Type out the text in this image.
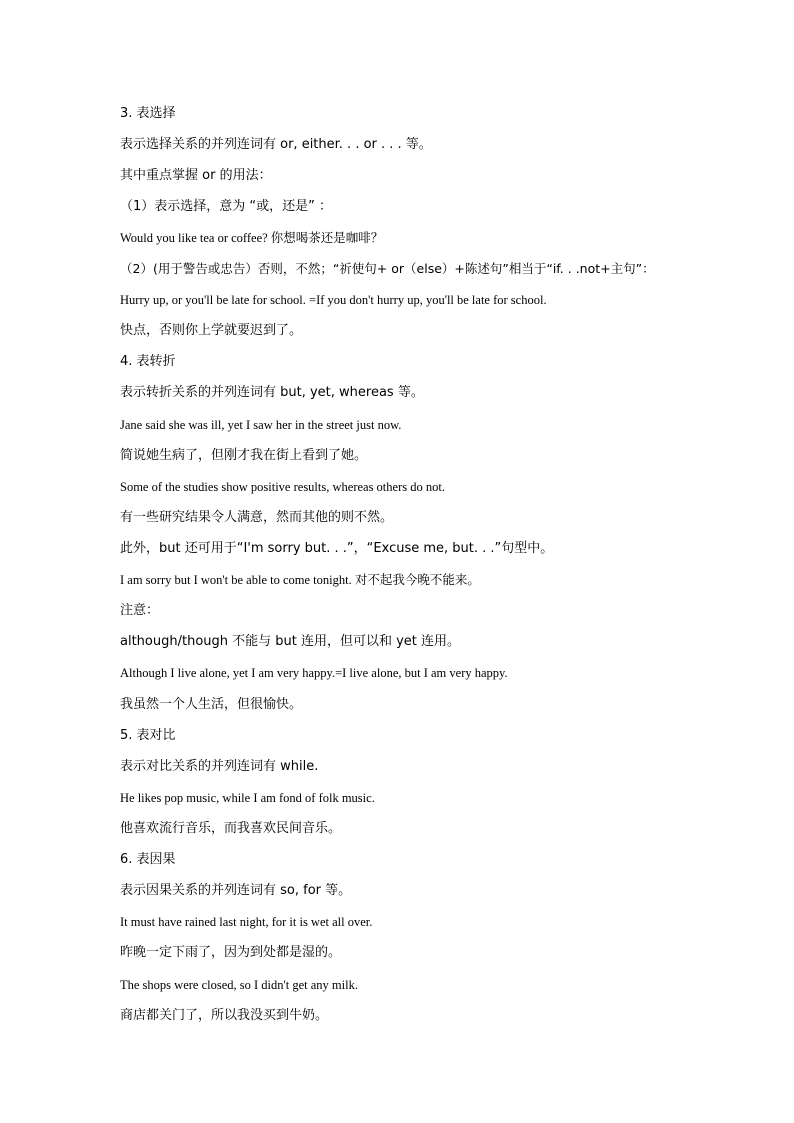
3. 表选择
表示选择关系的并列连词有 or, either. . . or . . . 等。
其中重点掌握 or 的用法：
（1）表示选择，意为 “或，还是” ：
Would you like tea or coffee? 你想喝茶还是咖啡？
（2）(用于警告或忠告）否则，不然；“祈使句+ or（else）+陈述句”相当于“if. . .not+主句”：
Hurry up, or you'll be late for school. =If you don't hurry up, you'll be late for school.
快点，否则你上学就要迟到了。
4. 表转折
表示转折关系的并列连词有 but, yet, whereas 等。
Jane said she was ill, yet I saw her in the street just now.
简说她生病了，但刚才我在街上看到了她。
Some of the studies show positive results, whereas others do not.
有一些研究结果令人满意，然而其他的则不然。
此外，but 还可用于“I'm sorry but. . .”，“Excuse me, but. . .”句型中。
I am sorry but I won't be able to come tonight. 对不起我今晚不能来。
注意：
although/though 不能与 but 连用，但可以和 yet 连用。
Although I live alone, yet I am very happy.=I live alone, but I am very happy.
我虽然一个人生活，但很愉快。
5. 表对比
表示对比关系的并列连词有 while.
He likes pop music, while I am fond of folk music.
他喜欢流行音乐，而我喜欢民间音乐。
6. 表因果
表示因果关系的并列连词有 so, for 等。
It must have rained last night, for it is wet all over.
昨晚一定下雨了，因为到处都是湿的。
The shops were closed, so I didn't get any milk.
商店都关门了，所以我没买到牛奶。
